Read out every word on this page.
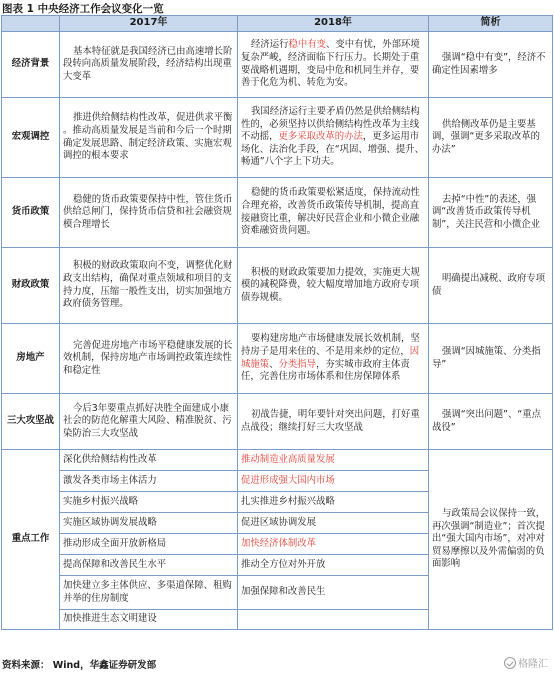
图表 1 中央经济工作会议变化一览
	2017年	2018年	简析
经济背景	基本特征就是我国经济已由高速增长阶段转向高质量发展阶段，经济结构出现重大变革	经济运行稳中有变、变中有忧，外部环境复杂严峻，经济面临下行压力。长期处于重要战略机遇期，变局中危和机同生并存，要善于化危为机、转危为安。	强调“稳中有变”，经济不确定性因素增多
宏观调控	推进供给侧结构性改革，促进供求平衡 。推动高质量发展是当前和今后一个时期确定发展思路、制定经济政策、实施宏观调控的根本要求	我国经济运行主要矛盾仍然是供给侧结构性的，必须坚持以供给侧结构性改革为主线不动摇，更多采取改革的办法，更多运用市场化、法治化手段，在“巩固、增强、提升、畅通”八个字上下功夫。	供给侧改革仍是主要基调，强调“更多采取改革的办法”
货币政策	稳健的货币政策要保持中性，管住货币供给总闸门，保持货币信贷和社会融资规模合理增长	稳健的货币政策要松紧适度，保持流动性合理充裕，改善货币政策传导机制，提高直接融资比重，解决好民营企业和小微企业融资难融资贵问题。	去掉“中性”的表述，强调“改善货币政策传导机制”，关注民营和小微企业
财政政策	积极的财政政策取向不变，调整优化财政支出结构，确保对重点领域和项目的支持力度，压缩一般性支出，切实加强地方政府债务管理。	积极的财政政策要加力提效，实施更大规模的减税降费，较大幅度增加地方政府专项债券规模。	明确提出减税、政府专项债
房地产	完善促进房地产市场平稳健康发展的长效机制，保持房地产市场调控政策连续性和稳定性	要构建房地产市场健康发展长效机制，坚持房子是用来住的、不是用来炒的定位，因城施策、分类指导，夯实城市政府主体责任，完善住房市场体系和住房保障体系	强调“因城施策、分类指导”
三大攻坚战	今后3年要重点抓好决胜全面建成小康社会的防范化解重大风险、精准脱贫、污染防治三大攻坚战	初战告捷，明年要针对突出问题，打好重点战役；继续打好三大攻坚战	强调“突出问题”、“重点战役”
重点工作	深化供给侧结构性改革	推动制造业高质量发展	与政策局会议保持一致，再次强调“制造业”；首次提出“强大国内市场”，对冲对贸易摩擦以及外需偏弱的负面影响
	激发各类市场主体活力	促进形成强大国内市场	
	实施乡村振兴战略	扎实推进乡村振兴战略	
	实施区域协调发展战略	促进区域协调发展	
	推动形成全面开放新格局	加快经济体制改革	
	提高保障和改善民生水平	推动全方位对外开放	
	加快建立多主体供应、多渠道保障、租购并举的住房制度	加强保障和改善民生	
	加快推进生态文明建设		
资料来源： Wind，华鑫证券研发部	格隆汇
